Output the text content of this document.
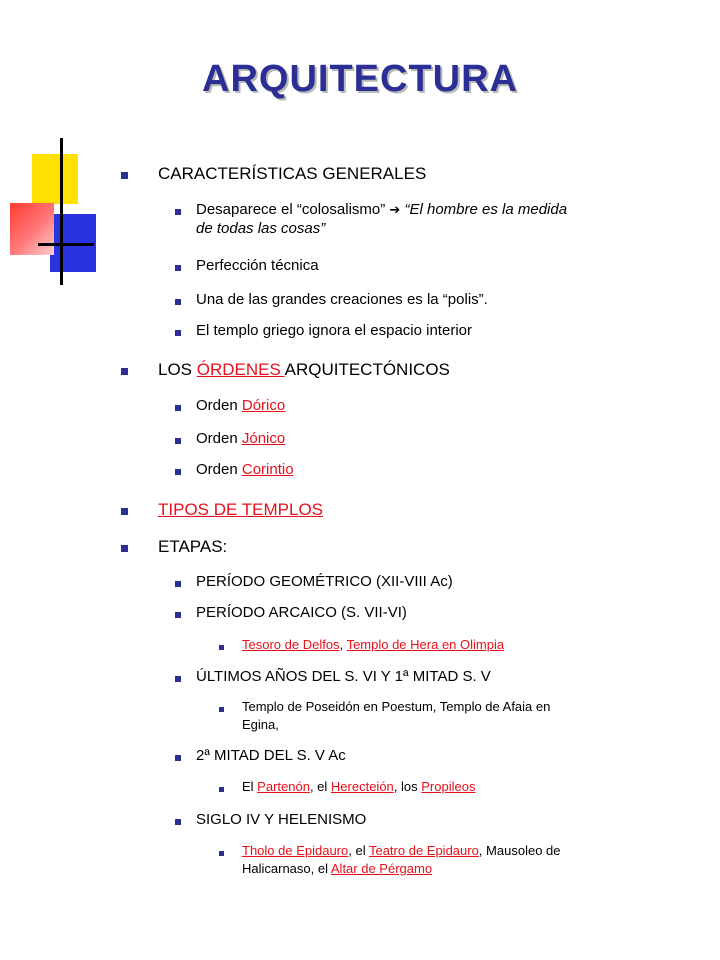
ARQUITECTURA
CARACTERÍSTICAS GENERALES
Desaparece el “colosalismo” ➔ “El hombre es la medida
de todas las cosas”
Perfección técnica
Una de las grandes creaciones es la “polis”.
El templo griego ignora el espacio interior
LOS ÓRDENES ARQUITECTÓNICOS
Orden Dórico
Orden Jónico
Orden Corintio
TIPOS DE TEMPLOS
ETAPAS:
PERÍODO GEOMÉTRICO (XII-VIII Ac)
PERÍODO ARCAICO (S. VII-VI)
Tesoro de Delfos, Templo de Hera en Olimpia
ÚLTIMOS AÑOS DEL S. VI Y 1ª MITAD S. V
Templo de Poseidón en Poestum, Templo de Afaia en
Egina,
2ª MITAD DEL S. V Ac
El Partenón, el Herecteión, los Propileos
SIGLO IV Y HELENISMO
Tholo de Epidauro, el Teatro de Epidauro, Mausoleo de
Halicarnaso, el Altar de Pérgamo
